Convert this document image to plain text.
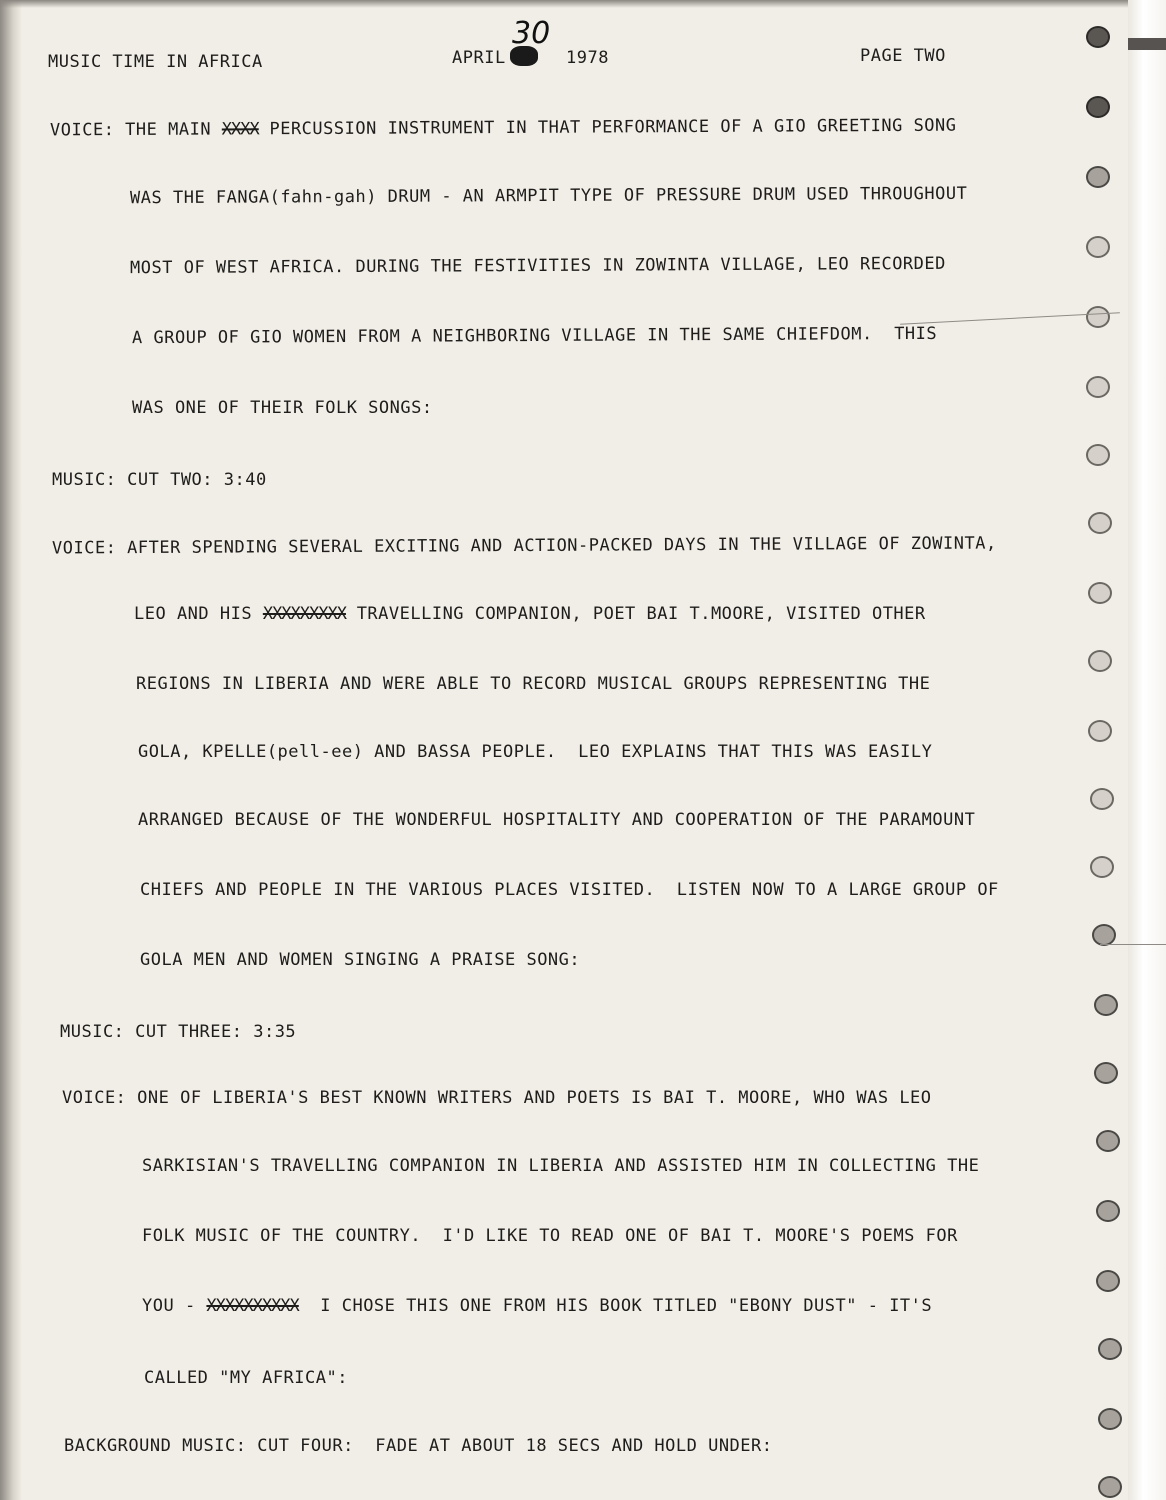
MUSIC TIME IN AFRICA	APRIL
30
1978	PAGE TWO
VOICE: THE MAIN XXXX PERCUSSION INSTRUMENT IN THAT PERFORMANCE OF A GIO GREETING SONG
WAS THE FANGA(fahn-gah) DRUM - AN ARMPIT TYPE OF PRESSURE DRUM USED THROUGHOUT
MOST OF WEST AFRICA. DURING THE FESTIVITIES IN ZOWINTA VILLAGE, LEO RECORDED
A GROUP OF GIO WOMEN FROM A NEIGHBORING VILLAGE IN THE SAME CHIEFDOM.  THIS
WAS ONE OF THEIR FOLK SONGS:
MUSIC: CUT TWO: 3:40
VOICE: AFTER SPENDING SEVERAL EXCITING AND ACTION-PACKED DAYS IN THE VILLAGE OF ZOWINTA,
LEO AND HIS XXXXXXXXX TRAVELLING COMPANION, POET BAI T.MOORE, VISITED OTHER
REGIONS IN LIBERIA AND WERE ABLE TO RECORD MUSICAL GROUPS REPRESENTING THE
GOLA, KPELLE(pell-ee) AND BASSA PEOPLE.  LEO EXPLAINS THAT THIS WAS EASILY
ARRANGED BECAUSE OF THE WONDERFUL HOSPITALITY AND COOPERATION OF THE PARAMOUNT
CHIEFS AND PEOPLE IN THE VARIOUS PLACES VISITED.  LISTEN NOW TO A LARGE GROUP OF
GOLA MEN AND WOMEN SINGING A PRAISE SONG:
MUSIC: CUT THREE: 3:35
VOICE: ONE OF LIBERIA'S BEST KNOWN WRITERS AND POETS IS BAI T. MOORE, WHO WAS LEO
SARKISIAN'S TRAVELLING COMPANION IN LIBERIA AND ASSISTED HIM IN COLLECTING THE
FOLK MUSIC OF THE COUNTRY.  I'D LIKE TO READ ONE OF BAI T. MOORE'S POEMS FOR
YOU - XXXXXXXXXX  I CHOSE THIS ONE FROM HIS BOOK TITLED "EBONY DUST" - IT'S
CALLED "MY AFRICA":
BACKGROUND MUSIC: CUT FOUR:  FADE AT ABOUT 18 SECS AND HOLD UNDER:
